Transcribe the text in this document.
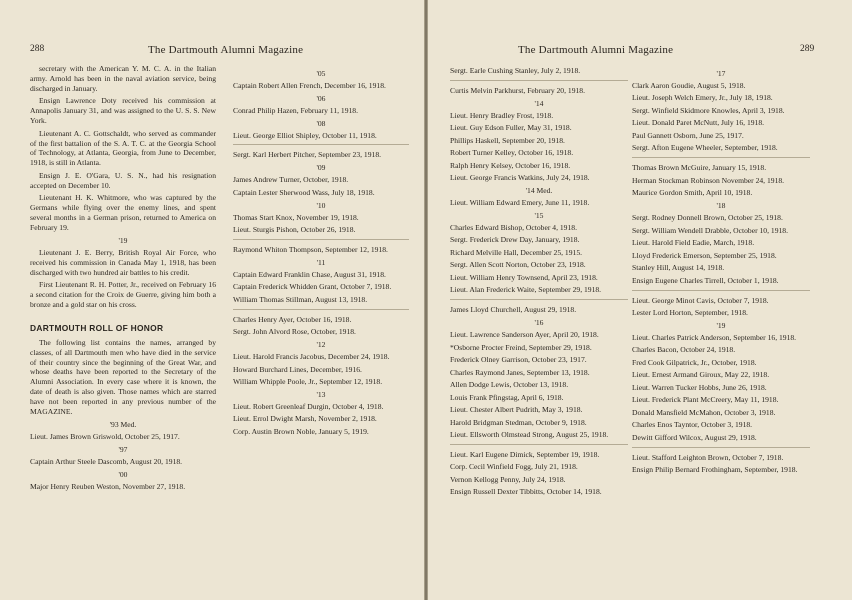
288	The Dartmouth Alumni Magazine
secretary with the American Y. M. C. A. in the Italian army. Arnold has been in the naval aviation service, being discharged in January.
Ensign Lawrence Doty received his commission at Annapolis January 31, and was assigned to the U. S. S. New York.
Lieutenant A. C. Gottschaldt, who served as commander of the first battalion of the S. A. T. C. at the Georgia School of Technology, at Atlanta, Georgia, from June to December, 1918, is still in Atlanta.
Ensign J. E. O'Gara, U. S. N., had his resignation accepted on December 10.
Lieutenant H. K. Whitmore, who was captured by the Germans while flying over the enemy lines, and spent several months in a German prison, returned to America on February 19.
'19
Lieutenant J. E. Berry, British Royal Air Force, who received his commission in Canada May 1, 1918, has been discharged with two hundred air battles to his credit.
First Lieutenant R. H. Potter, Jr., received on February 16 a second citation for the Croix de Guerre, giving him both a bronze and a gold star on his cross.
DARTMOUTH ROLL OF HONOR
The following list contains the names, arranged by classes, of all Dartmouth men who have died in the service of their country since the beginning of the Great War, and whose deaths have been reported to the Secretary of the Alumni Association. In every case where it is known, the date of death is also given. Those names which are starred have not been reported in any previous number of the MAGAZINE.
'93 Med.
Lieut. James Brown Griswold, October 25, 1917.
'97
Captain Arthur Steele Dascomb, August 20, 1918.
'00
Major Henry Reuben Weston, November 27, 1918.
'05
Captain Robert Allen French, December 16, 1918.
'06
Conrad Philip Hazen, February 11, 1918.
'08
Lieut. George Elliot Shipley, October 11, 1918.
Sergt. Karl Herbert Pitcher, September 23, 1918.
'09
James Andrew Turner, October, 1918.
Captain Lester Sherwood Wass, July 18, 1918.
'10
Thomas Start Knox, November 19, 1918.
Lieut. Sturgis Pishon, October 26, 1918.
Raymond Whiton Thompson, September 12, 1918.
'11
Captain Edward Franklin Chase, August 31, 1918.
Captain Frederick Whidden Grant, October 7, 1918.
William Thomas Stillman, August 13, 1918.
Charles Henry Ayer, October 16, 1918.
Sergt. John Alvord Rose, October, 1918.
'12
Lieut. Harold Francis Jacobus, December 24, 1918.
Howard Burchard Lines, December, 1916.
William Whipple Poole, Jr., September 12, 1918.
'13
Lieut. Robert Greenleaf Durgin, October 4, 1918.
Lieut. Errol Dwight Marsh, November 2, 1918.
Corp. Austin Brown Noble, January 5, 1919.
The Dartmouth Alumni Magazine	289
Sergt. Earle Cushing Stanley, July 2, 1918.
Curtis Melvin Parkhurst, February 20, 1918.
'14
Lieut. Henry Bradley Frost, 1918.
Lieut. Guy Edson Fuller, May 31, 1918.
Phillips Haskell, September 20, 1918.
Robert Turner Kelley, October 16, 1918.
Ralph Henry Kelsey, October 16, 1918.
Lieut. George Francis Watkins, July 24, 1918.
'14 Med.
Lieut. William Edward Emery, June 11, 1918.
'15
Charles Edward Bishop, October 4, 1918.
Sergt. Frederick Drew Day, January, 1918.
Richard Melville Hall, December 25, 1915.
Sergt. Allen Scott Norton, October 23, 1918.
Lieut. William Henry Townsend, April 23, 1918.
Lieut. Alan Frederick Waite, September 29, 1918.
James Lloyd Churchell, August 29, 1918.
'16
Lieut. Lawrence Sanderson Ayer, April 20, 1918.
*Osborne Procter Freind, September 29, 1918.
Frederick Olney Garrison, October 23, 1917.
Charles Raymond Janes, September 13, 1918.
Allen Dodge Lewis, October 13, 1918.
Louis Frank Pfingstag, April 6, 1918.
Lieut. Chester Albert Pudrith, May 3, 1918.
Harold Bridgman Stedman, October 9, 1918.
Lieut. Ellsworth Olmstead Strong, August 25, 1918.
Lieut. Karl Eugene Dimick, September 19, 1918.
Corp. Cecil Winfield Fogg, July 21, 1918.
Vernon Kellogg Penny, July 24, 1918.
Ensign Russell Dexter Tibbitts, October 14, 1918.
'17
Clark Aaron Goudie, August 5, 1918.
Lieut. Joseph Welch Emery, Jr., July 18, 1918.
Sergt. Winfield Skidmore Knowles, April 3, 1918.
Lieut. Donald Paret McNutt, July 16, 1918.
Paul Gannett Osborn, June 25, 1917.
Sergt. Afton Eugene Wheeler, September, 1918.
Thomas Brown McGuire, January 15, 1918.
Herman Stockman Robinson November 24, 1918.
Maurice Gordon Smith, April 10, 1918.
'18
Sergt. Rodney Donnell Brown, October 25, 1918.
Sergt. William Wendell Drabble, October 10, 1918.
Lieut. Harold Field Eadie, March, 1918.
Lloyd Frederick Emerson, September 25, 1918.
Stanley Hill, August 14, 1918.
Ensign Eugene Charles Tirrell, October 1, 1918.
Lieut. George Minot Cavis, October 7, 1918.
Lester Lord Horton, September, 1918.
'19
Lieut. Charles Patrick Anderson, September 16, 1918.
Charles Bacon, October 24, 1918.
Fred Cook Gilpatrick, Jr., October, 1918.
Lieut. Ernest Armand Giroux, May 22, 1918.
Lieut. Warren Tucker Hobbs, June 26, 1918.
Lieut. Frederick Plant McCreery, May 11, 1918.
Donald Mansfield McMahon, October 3, 1918.
Charles Enos Tayntor, October 3, 1918.
Dewitt Gifford Wilcox, August 29, 1918.
Lieut. Stafford Leighton Brown, October 7, 1918.
Ensign Philip Bernard Frothingham, September, 1918.
